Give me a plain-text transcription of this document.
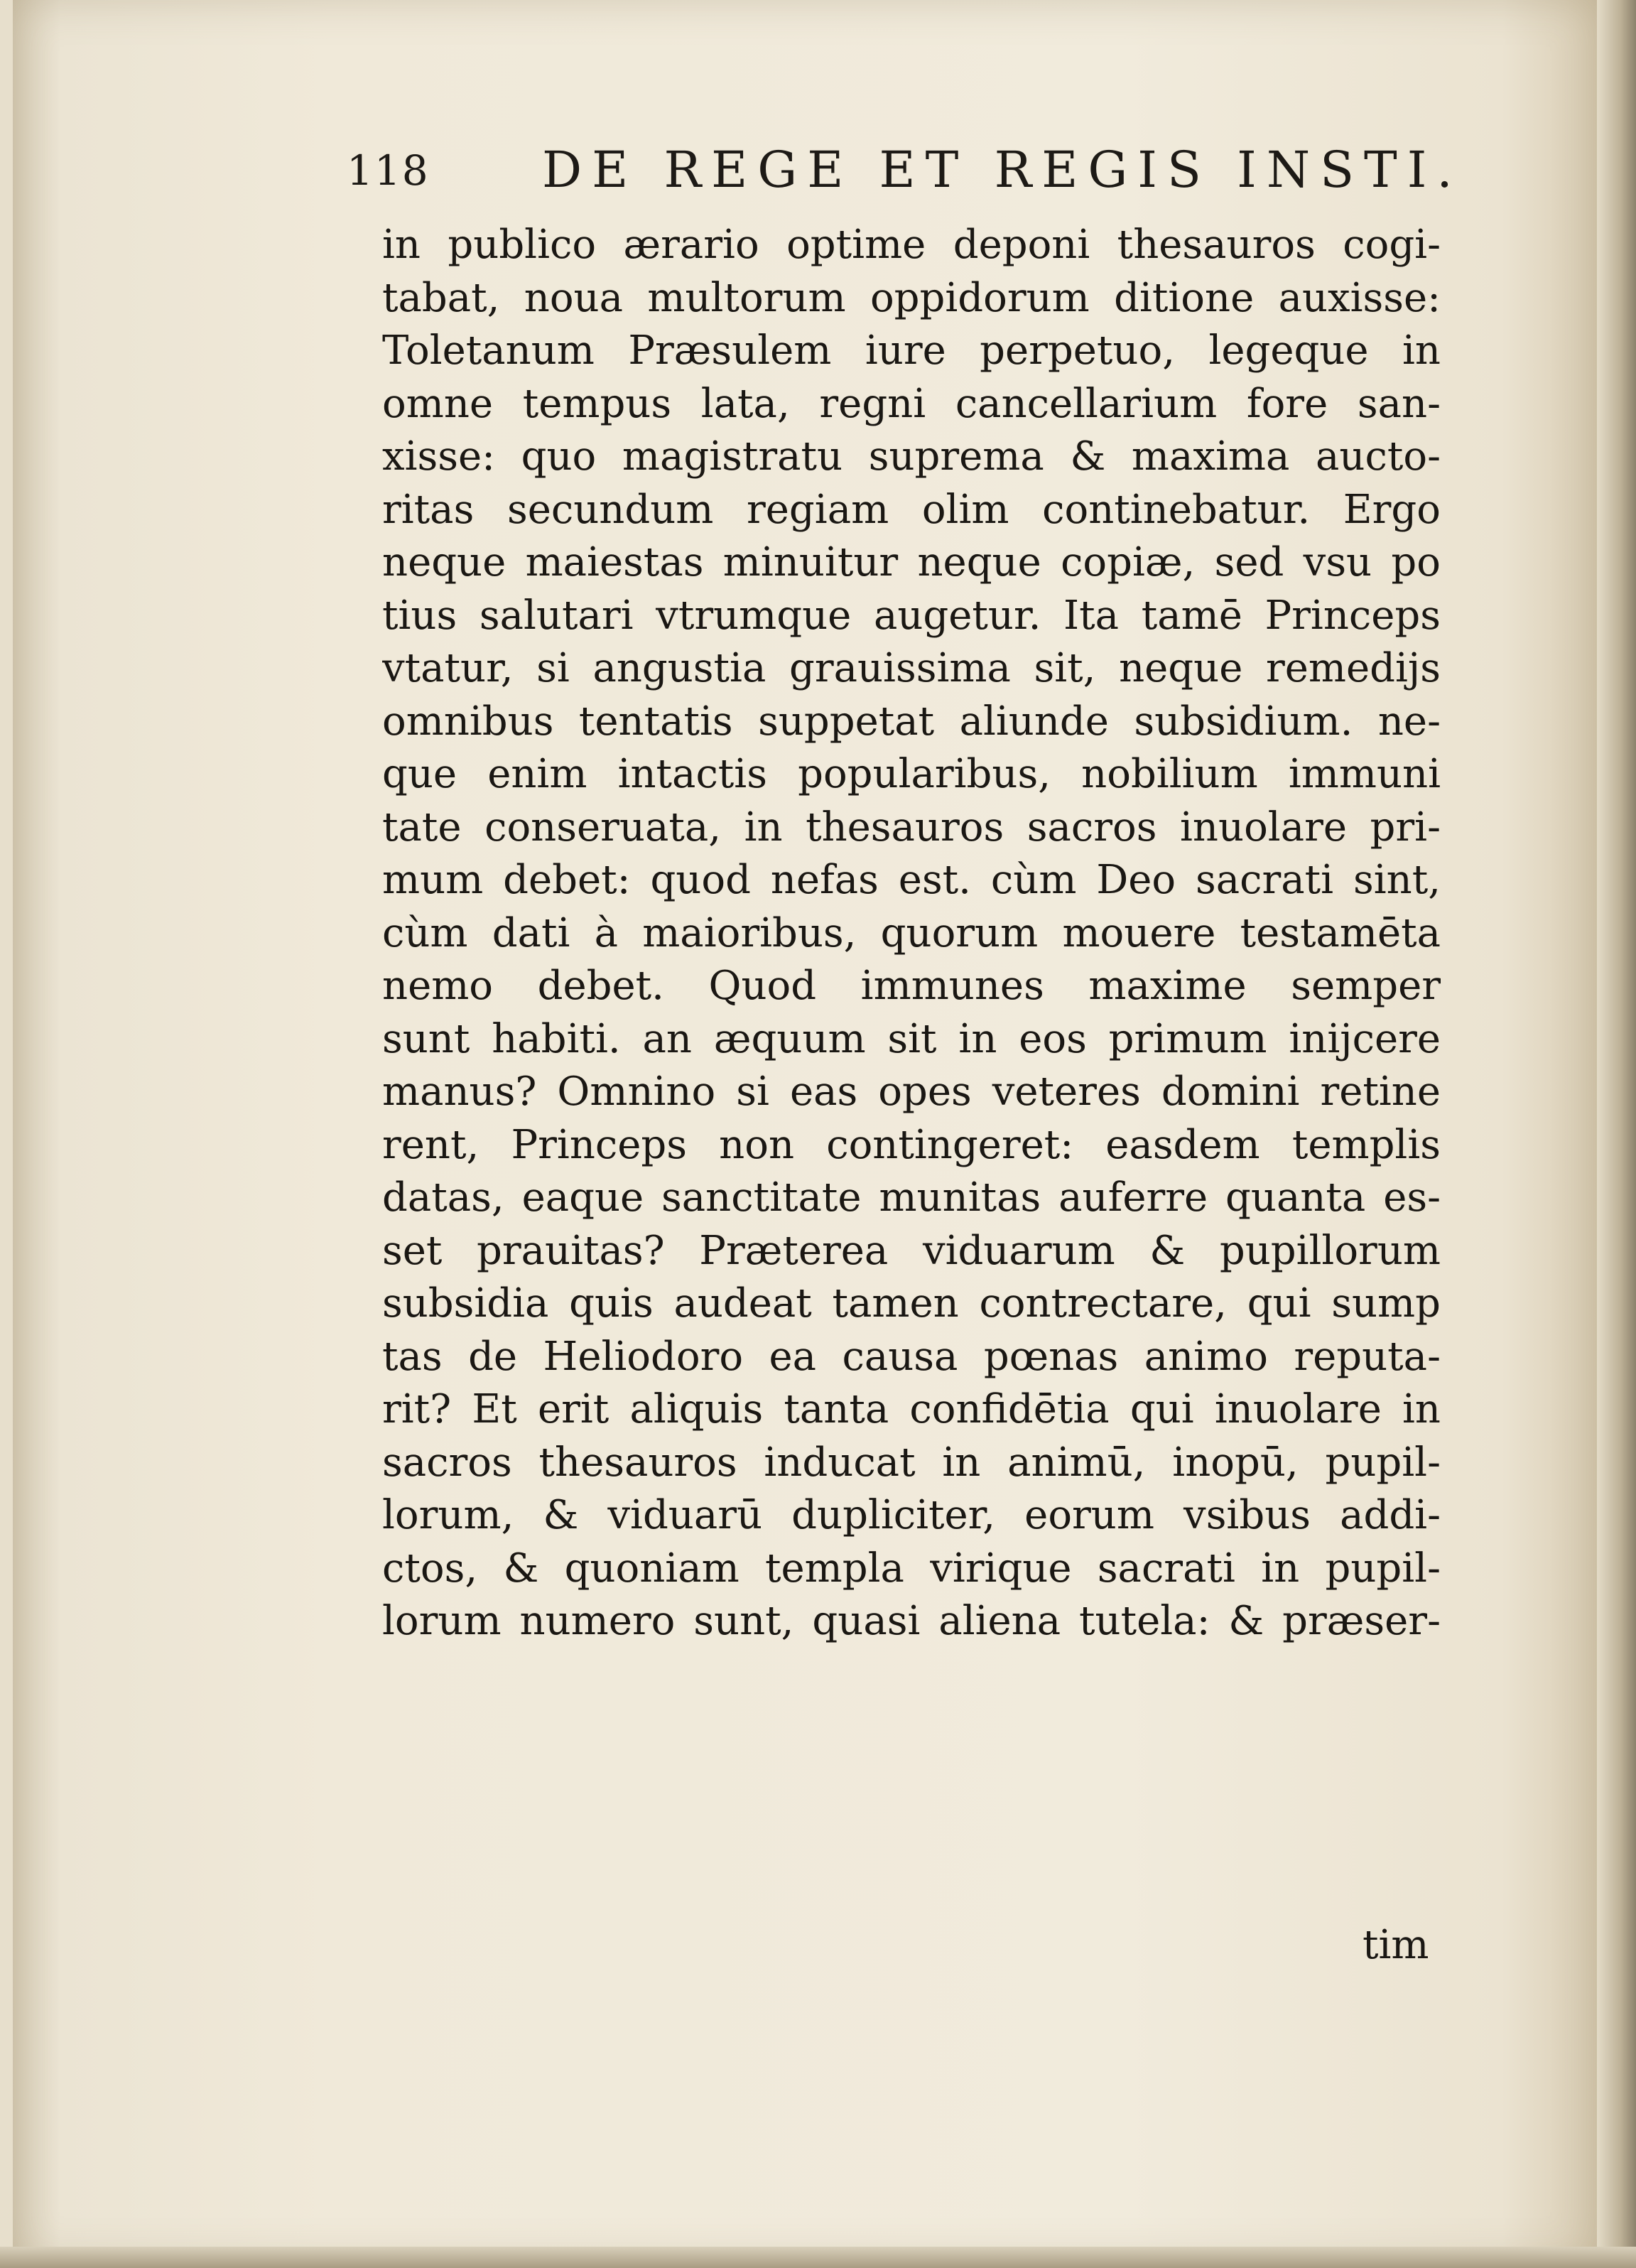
118 DE REGE ET REGIS INSTI.
in publico ærario optime deponi thesauros cogi-
tabat, noua multorum oppidorum ditione auxisse:
Toletanum Præsulem iure perpetuo, legeque in
omne tempus lata, regni cancellarium fore san-
xisse: quo magistratu suprema & maxima aucto-
ritas secundum regiam olim continebatur. Ergo
neque maiestas minuitur neque copiæ, sed vsu po
tius salutari vtrumque augetur. Ita tamē Princeps
vtatur, si angustia grauissima sit, neque remedijs
omnibus tentatis suppetat aliunde subsidium. ne-
que enim intactis popularibus, nobilium immuni
tate conseruata, in thesauros sacros inuolare pri-
mum debet: quod nefas est. cùm Deo sacrati sint,
cùm dati à maioribus, quorum mouere testamēta
nemo debet. Quod immunes maxime semper
sunt habiti. an æquum sit in eos primum inijcere
manus? Omnino si eas opes veteres domini retine
rent, Princeps non contingeret: easdem templis
datas, eaque sanctitate munitas auferre quanta es-
set prauitas? Præterea viduarum & pupillorum
subsidia quis audeat tamen contrectare, qui sump
tas de Heliodoro ea causa pœnas animo reputa-
rit? Et erit aliquis tanta confidētia qui inuolare in
sacros thesauros inducat in animū, inopū, pupil-
lorum, & viduarū dupliciter, eorum vsibus addi-
ctos, & quoniam templa virique sacrati in pupil-
lorum numero sunt, quasi aliena tutela: & præser-
tim
